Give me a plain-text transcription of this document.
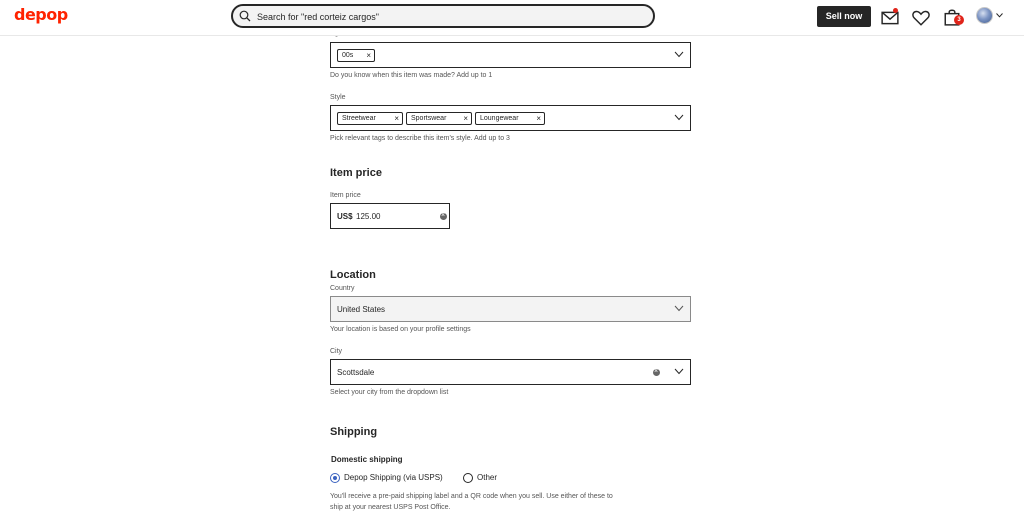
depop
Search for "red corteiz cargos"	Sell now	3
00s ×
Do you know when this item was made? Add up to 1
Style
Streetwear ×	Sportswear ×	Loungewear ×
Pick relevant tags to describe this item's style. Add up to 3
Item price
Item price
US$ 125.00
×
Location
Country
United States
Your location is based on your profile settings
City
Scottsdale
×
Select your city from the dropdown list
Shipping
Domestic shipping
Depop Shipping (via USPS)	Other
You'll receive a pre-paid shipping label and a QR code when you sell. Use either of these to
ship at your nearest USPS Post Office.
